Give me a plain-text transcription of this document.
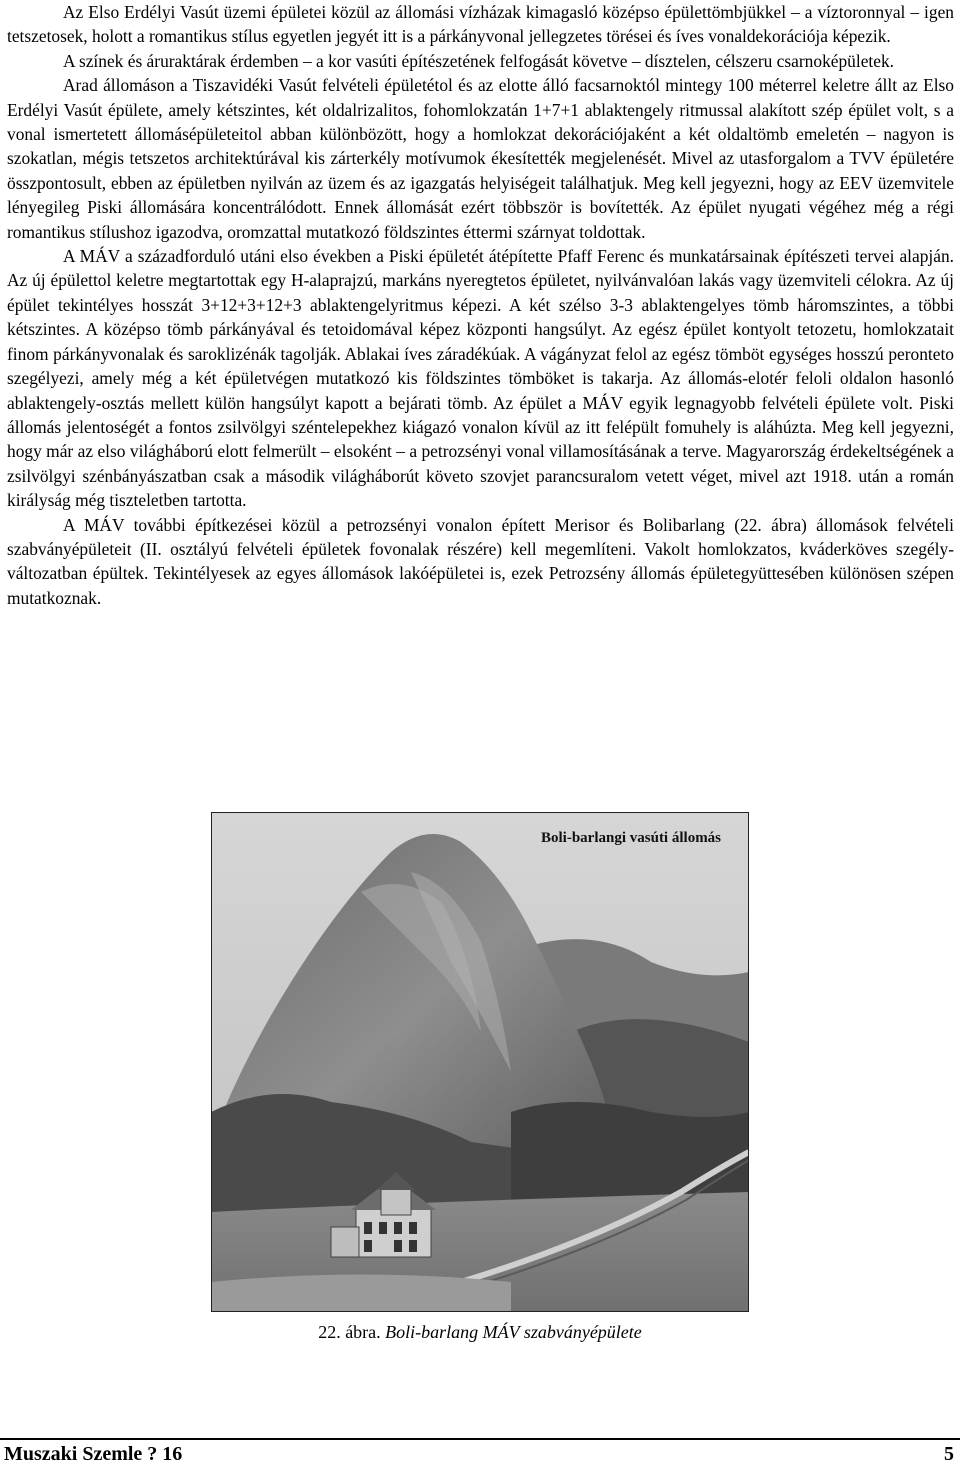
Az Elso Erdélyi Vasút üzemi épületei közül az állomási vízházak kimagasló középso épülettömbjükkel – a víztoronnyal – igen tetszetosek, holott a romantikus stílus egyetlen jegyét itt is a párkányvonal jellegzetes törései és íves vonaldekorációja képezik.

A színek és áruraktárak érdemben – a kor vasúti építészetének felfogását követve – dísztelen, célszeru csarnoképületek.

Arad állomáson a Tiszavidéki Vasút felvételi épületétol és az elotte álló facsarnoktól mintegy 100 méterrel keletre állt az Elso Erdélyi Vasút épülete, amely kétszintes, két oldalrizalitos, fohomlokzatán 1+7+1 ablaktengely ritmussal alakított szép épület volt, s a vonal ismertetett állomásépületeitol abban különbözött, hogy a homlokzat dekorációjaként a két oldaltömb emeletén – nagyon is szokatlan, mégis tetszetos architektúrával kis zárterkély motívumok ékesítették megjelenését. Mivel az utasforgalom a TVV épületére összpontosult, ebben az épületben nyilván az üzem és az igazgatás helyiségeit találhatjuk. Meg kell jegyezni, hogy az EEV üzemvitele lényegileg Piski állomására koncentrálódott. Ennek állomását ezért többször is bovítették. Az épület nyugati végéhez még a régi romantikus stílushoz igazodva, oromzattal mutatkozó földszintes éttermi szárnyat toldottak.

A MÁV a századforduló utáni elso években a Piski épületét átépítette Pfaff Ferenc és munkatársainak építészeti tervei alapján. Az új épülettol keletre megtartottak egy H-alaprajzú, markáns nyeregtetos épületet, nyilvánvalóan lakás vagy üzemviteli célokra. Az új épület tekintélyes hosszát 3+12+3+12+3 ablaktengelyritmus képezi. A két szélso 3-3 ablaktengelyes tömb háromszintes, a többi kétszintes. A középso tömb párkányával és tetoidomával képez központi hangsúlyt. Az egész épület kontyolt tetozetu, homlokzatait finom párkányvonalak és saroklizénák tagolják. Ablakai íves záradékúak. A vágányzat felol az egész tömböt egységes hosszú peronteto szegélyezi, amely még a két épületvégen mutatkozó kis földszintes tömböket is takarja. Az állomás-elotér feloli oldalon hasonló ablaktengely-osztás mellett külön hangsúlyt kapott a bejárati tömb. Az épület a MÁV egyik legnagyobb felvételi épülete volt. Piski állomás jelentoségét a fontos zsilvölgyi széntelepekhez kiágazó vonalon kívül az itt felépült fomuhely is aláhúzta. Meg kell jegyezni, hogy már az elso világháború elott felmerült – elsoként – a petrozsényi vonal villamosításának a terve. Magyarország érdekeltségének a zsilvölgyi szénbányászatban csak a második világháborút követo szovjet parancsuralom vetett véget, mivel azt 1918. után a román királyság még tiszteletben tartotta.

A MÁV további építkezései közül a petrozsényi vonalon épített Merisor és Bolibarlang (22. ábra) állomások felvételi szabványépületeit (II. osztályú felvételi épületek fovonalak részére) kell megemlíteni. Vakolt homlokzatos, kváderköves szegély-változatban épültek. Tekintélyesek az egyes állomások lakóépületei is, ezek Petrozsény állomás épületegyüttesében különösen szépen mutatkoznak.

Boli-barlangi vasúti állomás
22. ábra. Boli-barlang MÁV szabványépülete
Muszaki Szemle ? 16	5
